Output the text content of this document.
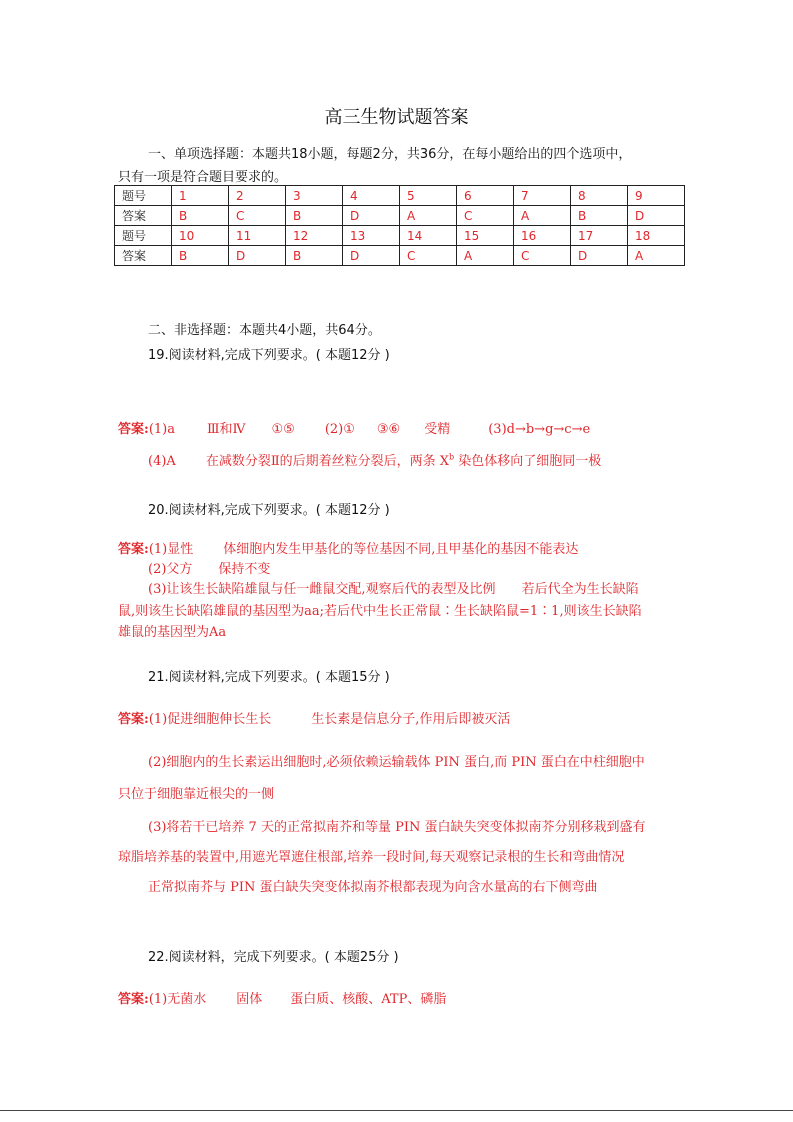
高三生物试题答案
一、单项选择题：本题共18小题，每题2分，共36分，在每小题给出的四个选项中，
只有一项是符合题目要求的。
题号	1	2	3	4	5	6	7	8	9
答案	B	C	B	D	A	C	A	B	D
题号	10	11	12	13	14	15	16	17	18
答案	B	D	B	D	C	A	C	D	A
二、非选择题：本题共4小题，共64分。
19.阅读材料,完成下列要求。( 本题12分 )
答案:(1)a Ⅲ和Ⅳ ①⑤ (2)① ③⑥ 受精	(3)d→b→g→c→e
(4)A 在减数分裂Ⅱ的后期着丝粒分裂后，两条 $X^b$ 染色体移向了细胞同一极
20.阅读材料,完成下列要求。( 本题12分 )
答案:(1)显性 体细胞内发生甲基化的等位基因不同,且甲基化的基因不能表达
(2)父方 保持不变
(3)让该生长缺陷雄鼠与任一雌鼠交配,观察后代的表型及比例 若后代全为生长缺陷
鼠,则该生长缺陷雄鼠的基因型为aa;若后代中生长正常鼠∶生长缺陷鼠=1∶1,则该生长缺陷
雄鼠的基因型为Aa
21.阅读材料,完成下列要求。( 本题15分 )
答案:(1)促进细胞伸长生长	生长素是信息分子,作用后即被灭活
(2)细胞内的生长素运出细胞时,必须依赖运输载体 PIN 蛋白,而 PIN 蛋白在中柱细胞中
只位于细胞靠近根尖的一侧
(3)将若干已培养 7 天的正常拟南芥和等量 PIN 蛋白缺失突变体拟南芥分别移栽到盛有
琼脂培养基的装置中,用遮光罩遮住根部,培养一段时间,每天观察记录根的生长和弯曲情况
正常拟南芥与 PIN 蛋白缺失突变体拟南芥根都表现为向含水量高的右下侧弯曲
22.阅读材料，完成下列要求。( 本题25分 )
答案:(1)无菌水 固体 蛋白质、核酸、ATP、磷脂
